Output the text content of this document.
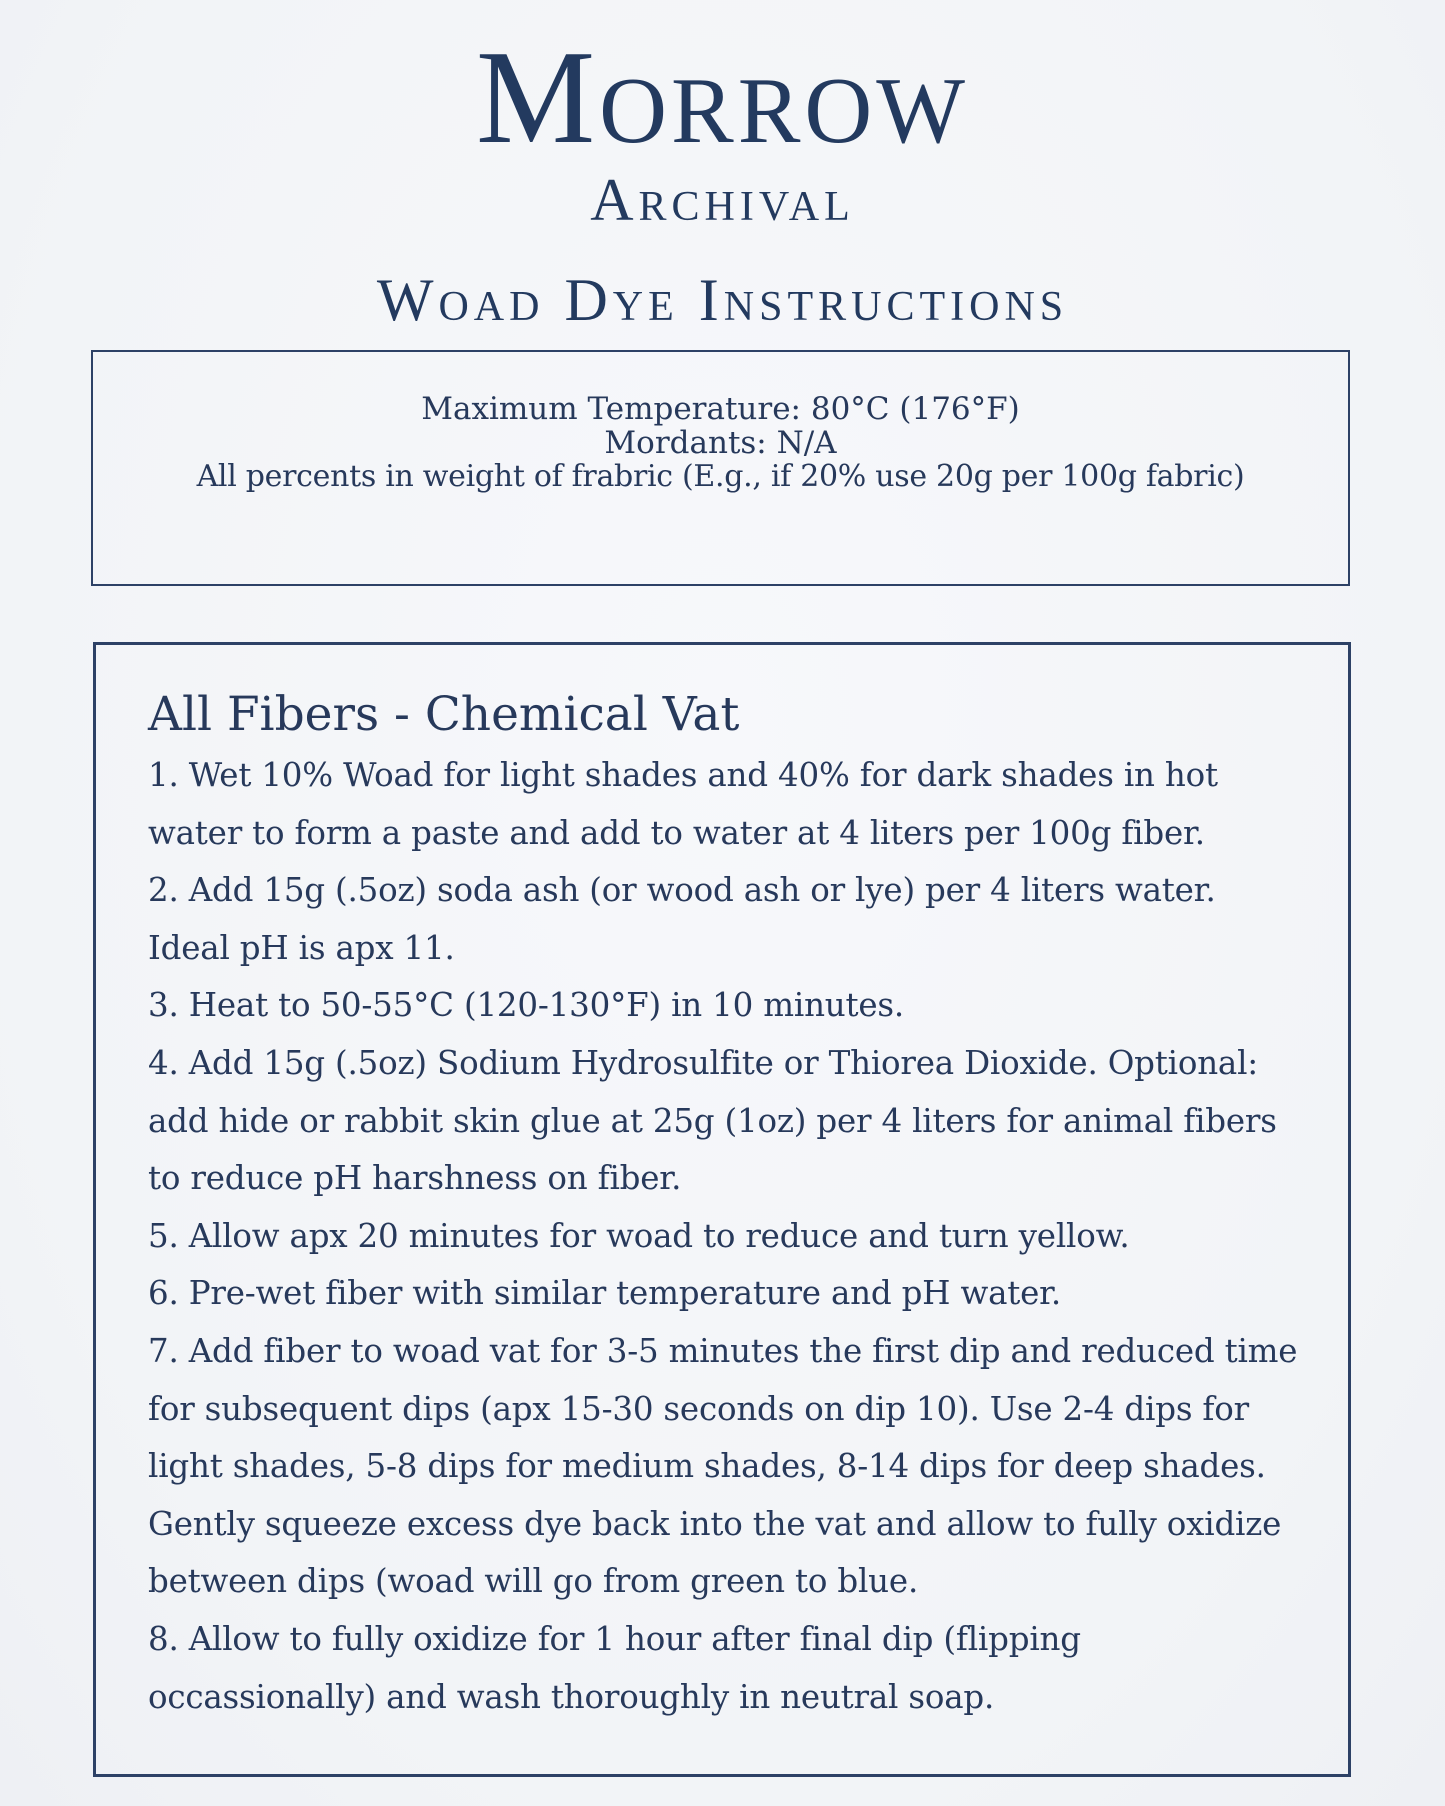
Morrow
Archival
Woad Dye Instructions
Maximum Temperature: 80°C (176°F)
Mordants: N/A
All percents in weight of frabric (E.g., if 20% use 20g per 100g fabric)
All Fibers - Chemical Vat
1. Wet 10% Woad for light shades and 40% for dark shades in hot water to form a paste and add to water at 4 liters per 100g fiber.
2. Add 15g (.5oz) soda ash (or wood ash or lye) per 4 liters water. Ideal pH is apx 11.
3. Heat to 50-55°C (120-130°F) in 10 minutes.
4. Add 15g (.5oz) Sodium Hydrosulfite or Thiorea Dioxide. Optional: add hide or rabbit skin glue at 25g (1oz) per 4 liters for animal fibers to reduce pH harshness on fiber.
5. Allow apx 20 minutes for woad to reduce and turn yellow.
6. Pre-wet fiber with similar temperature and pH water.
7. Add fiber to woad vat for 3-5 minutes the first dip and reduced time for subsequent dips (apx 15-30 seconds on dip 10). Use 2-4 dips for light shades, 5-8 dips for medium shades, 8-14 dips for deep shades. Gently squeeze excess dye back into the vat and allow to fully oxidize between dips (woad will go from green to blue.
8. Allow to fully oxidize for 1 hour after final dip (flipping occassionally) and wash thoroughly in neutral soap.
